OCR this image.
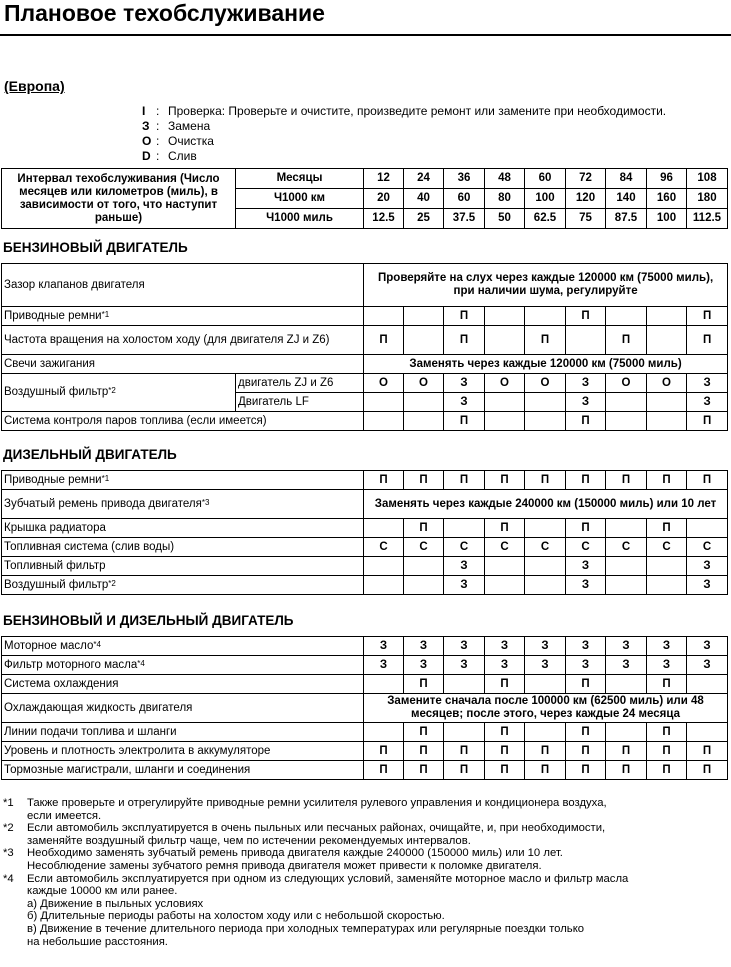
Плановое техобслуживание
(Европа)
I : Проверка: Проверьте и очистите, произведите ремонт или замените при необходимости.
З : Замена
О : Очистка
D : Слив
Интервал техобслуживания (Число месяцев или километров (миль), в зависимости от того, что наступит раньше)	Месяцы	12	24	36	48	60	72	84	96	108
	Ч1000 км	20	40	60	80	100	120	140	160	180
	Ч1000 миль	12.5	25	37.5	50	62.5	75	87.5	100	112.5
БЕНЗИНОВЫЙ ДВИГАТЕЛЬ
Зазор клапанов двигателя		Проверяйте на слух через каждые 120000 км (75000 миль),
при наличии шума, регулируйте								
Приводные ремни$^{*1}$				П			П			П
Частота вращения на холостом ходу (для двигателя ZJ и Z6)		П		П		П		П		П
Свечи зажигания		Заменять через каждые 120000 км (75000 миль)								
Воздушный фильтр$^{*2}$	двигатель ZJ и Z6	О	О	З	О	О	З	О	О	З
	Двигатель LF			З			З			З
Система контроля паров топлива (если имеется)				П			П			П
ДИЗЕЛЬНЫЙ ДВИГАТЕЛЬ
Приводные ремни$^{*1}$	П	П	П	П	П	П	П	П	П
Зубчатый ремень привода двигателя$^{*3}$	Заменять через каждые 240000 км (150000 миль) или 10 лет								
Крышка радиатора		П		П		П		П	
Топливная система (слив воды)	С	С	С	С	С	С	С	С	С
Топливный фильтр			З			З			З
Воздушный фильтр$^{*2}$			З			З			З
БЕНЗИНОВЫЙ И ДИЗЕЛЬНЫЙ ДВИГАТЕЛЬ
Моторное масло$^{*4}$	З	З	З	З	З	З	З	З	З
Фильтр моторного масла$^{*4}$	З	З	З	З	З	З	З	З	З
Система охлаждения		П		П		П		П	
Охлаждающая жидкость двигателя	Замените сначала после 100000 км (62500 миль) или 48 месяцев; после этого, через каждые 24 месяца								
Линии подачи топлива и шланги		П		П		П		П	
Уровень и плотность электролита в аккумуляторе	П	П	П	П	П	П	П	П	П
Тормозные магистрали, шланги и соединения	П	П	П	П	П	П	П	П	П
*1	Также проверьте и отрегулируйте приводные ремни усилителя рулевого управления и кондиционера воздуха,
если имеется.
*2	Если автомобиль эксплуатируется в очень пыльных или песчаных районах, очищайте, и, при необходимости,
заменяйте воздушный фильтр чаще, чем по истечении рекомендуемых интервалов.
*3	Необходимо заменять зубчатый ремень привода двигателя каждые 240000 (150000 миль) или 10 лет.
Несоблюдение замены зубчатого ремня привода двигателя может привести к поломке двигателя.
*4	Если автомобиль эксплуатируется при одном из следующих условий, заменяйте моторное масло и фильтр масла
каждые 10000 км или ранее.
а) Движение в пыльных условиях
б) Длительные периоды работы на холостом ходу или с небольшой скоростью.
в) Движение в течение длительного периода при холодных температурах или регулярные поездки только
на небольшие расстояния.
